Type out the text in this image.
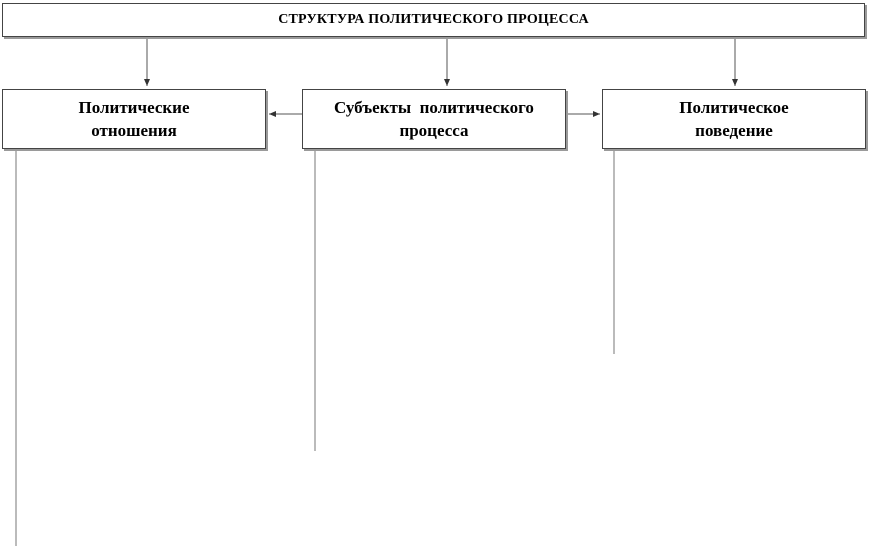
СТРУКТУРА ПОЛИТИЧЕСКОГО ПРОЦЕССА
Политические
отношения
Субъекты  политического
процесса
Политическое
поведение
